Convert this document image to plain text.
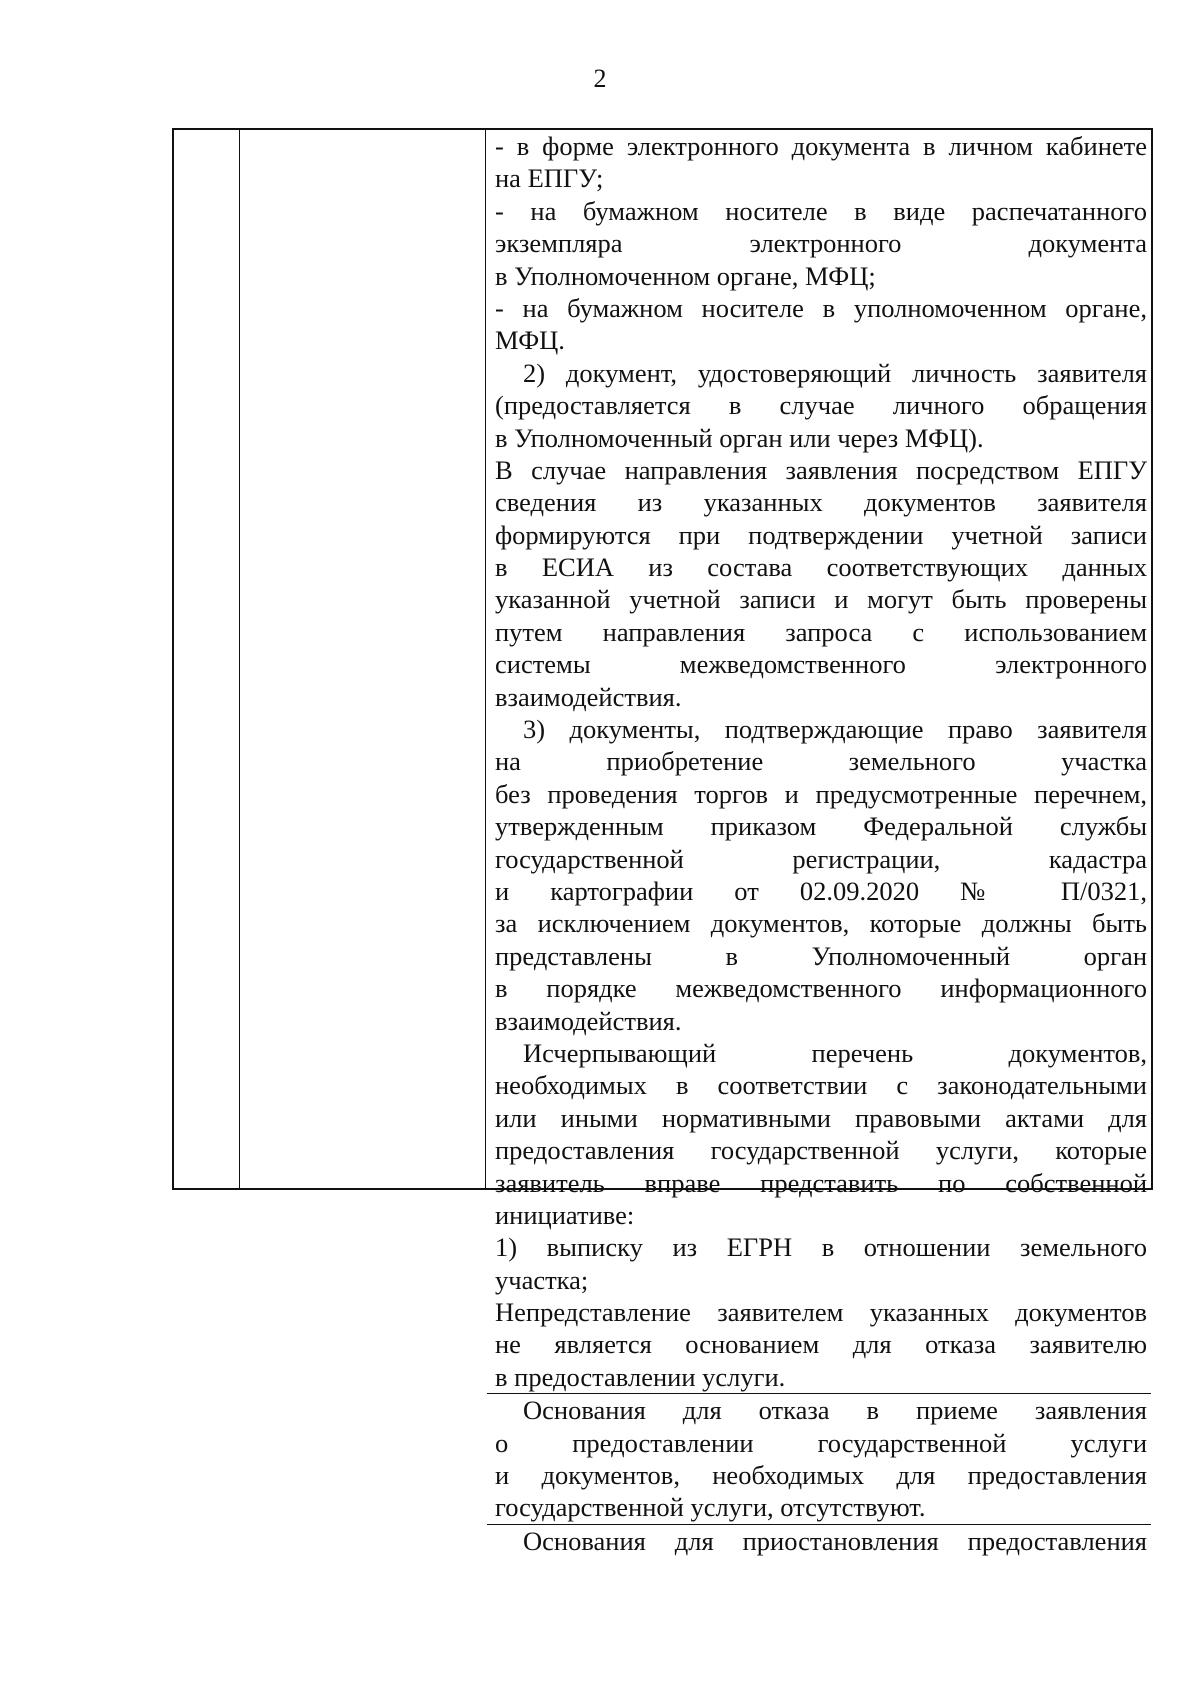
2
- в форме электронного документа в личном кабинете
на ЕПГУ;
- на бумажном носителе в виде распечатанного
экземпляра электронного документа
в Уполномоченном органе, МФЦ;
- на бумажном носителе в уполномоченном органе,
МФЦ.
2) документ, удостоверяющий личность заявителя
(предоставляется в случае личного обращения
в Уполномоченный орган или через МФЦ).
В случае направления заявления посредством ЕПГУ
сведения из указанных документов заявителя
формируются при подтверждении учетной записи
в ЕСИА из состава соответствующих данных
указанной учетной записи и могут быть проверены
путем направления запроса с использованием
системы межведомственного электронного
взаимодействия.
3) документы, подтверждающие право заявителя
на приобретение земельного участка
без проведения торгов и предусмотренные перечнем,
утвержденным приказом Федеральной службы
государственной регистрации, кадастра
и картографии от 02.09.2020 № П/0321,
за исключением документов, которые должны быть
представлены в Уполномоченный орган
в порядке межведомственного информационного
взаимодействия.
Исчерпывающий перечень документов,
необходимых в соответствии с законодательными
или иными нормативными правовыми актами для
предоставления государственной услуги, которые
заявитель вправе представить по собственной
инициативе:
1) выписку из ЕГРН в отношении земельного
участка;
Непредставление заявителем указанных документов
не является основанием для отказа заявителю
в предоставлении услуги.
Основания для отказа в приеме заявления
о предоставлении государственной услуги
и документов, необходимых для предоставления
государственной услуги, отсутствуют.
Основания для приостановления предоставления
